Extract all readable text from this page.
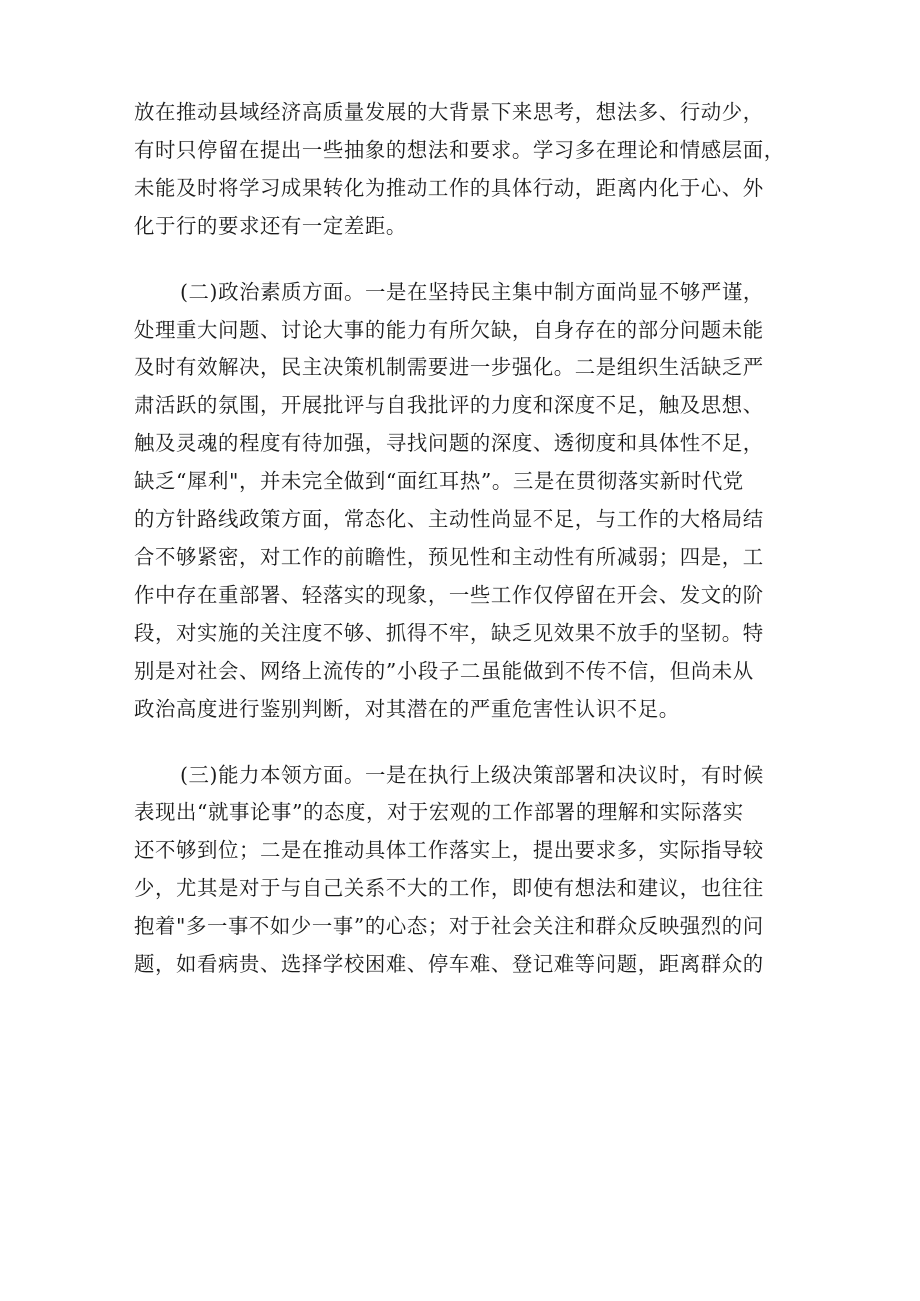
放在推动县域经济高质量发展的大背景下来思考，想法多、行动少，
有时只停留在提出一些抽象的想法和要求。学习多在理论和情感层面，
未能及时将学习成果转化为推动工作的具体行动，距离内化于心、外
化于行的要求还有一定差距。
(二)政治素质方面。一是在坚持民主集中制方面尚显不够严谨，
处理重大问题、讨论大事的能力有所欠缺，自身存在的部分问题未能
及时有效解决，民主决策机制需要进一步强化。二是组织生活缺乏严
肃活跃的氛围，开展批评与自我批评的力度和深度不足，触及思想、
触及灵魂的程度有待加强，寻找问题的深度、透彻度和具体性不足，
缺乏“犀利"，并未完全做到“面红耳热”。三是在贯彻落实新时代党
的方针路线政策方面，常态化、主动性尚显不足，与工作的大格局结
合不够紧密，对工作的前瞻性，预见性和主动性有所减弱；四是，工
作中存在重部署、轻落实的现象，一些工作仅停留在开会、发文的阶
段，对实施的关注度不够、抓得不牢，缺乏见效果不放手的坚韧。特
别是对社会、网络上流传的”小段子二虽能做到不传不信，但尚未从
政治高度进行鉴别判断，对其潜在的严重危害性认识不足。
(三)能力本领方面。一是在执行上级决策部署和决议时，有时候
表现出“就事论事”的态度，对于宏观的工作部署的理解和实际落实
还不够到位；二是在推动具体工作落实上，提出要求多，实际指导较
少，尤其是对于与自己关系不大的工作，即使有想法和建议，也往往
抱着"多一事不如少一事”的心态；对于社会关注和群众反映强烈的问
题，如看病贵、选择学校困难、停车难、登记难等问题，距离群众的
